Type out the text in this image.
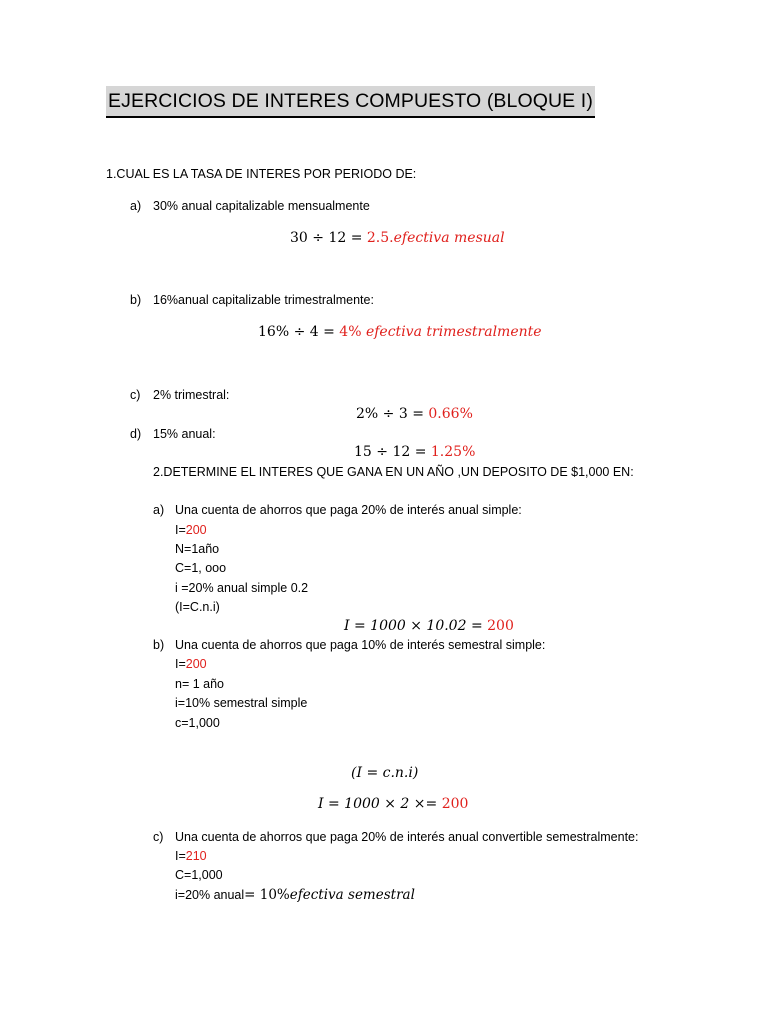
EJERCICIOS DE INTERES COMPUESTO (BLOQUE I)
1.CUAL ES LA TASA DE INTERES POR PERIODO DE:
a) 30% anual capitalizable mensualmente
30 ÷ 12 = 2.5.efectiva mesual
b) 16%anual capitalizable trimestralmente:
16% ÷ 4 = 4% efectiva trimestralmente
c) 2% trimestral:
2% ÷ 3 = 0.66%
d) 15% anual:
15 ÷ 12 = 1.25%
2.DETERMINE EL INTERES QUE GANA EN UN AÑO ,UN DEPOSITO DE $1,000 EN:
a) Una cuenta de ahorros que paga 20% de interés anual simple:
I=200
N=1año
C=1, ooo
i =20% anual simple 0.2
(I=C.n.i)
I = 1000 × 10.02 = 200
b) Una cuenta de ahorros que paga 10% de interés semestral simple:
I=200
n= 1 año
i=10% semestral simple
c=1,000
(I = c.n.i)
I = 1000 × 2 ×= 200
c) Una cuenta de ahorros que paga 20% de interés anual convertible semestralmente:
I=210
C=1,000
i=20% anual= 10%efectiva semestral
